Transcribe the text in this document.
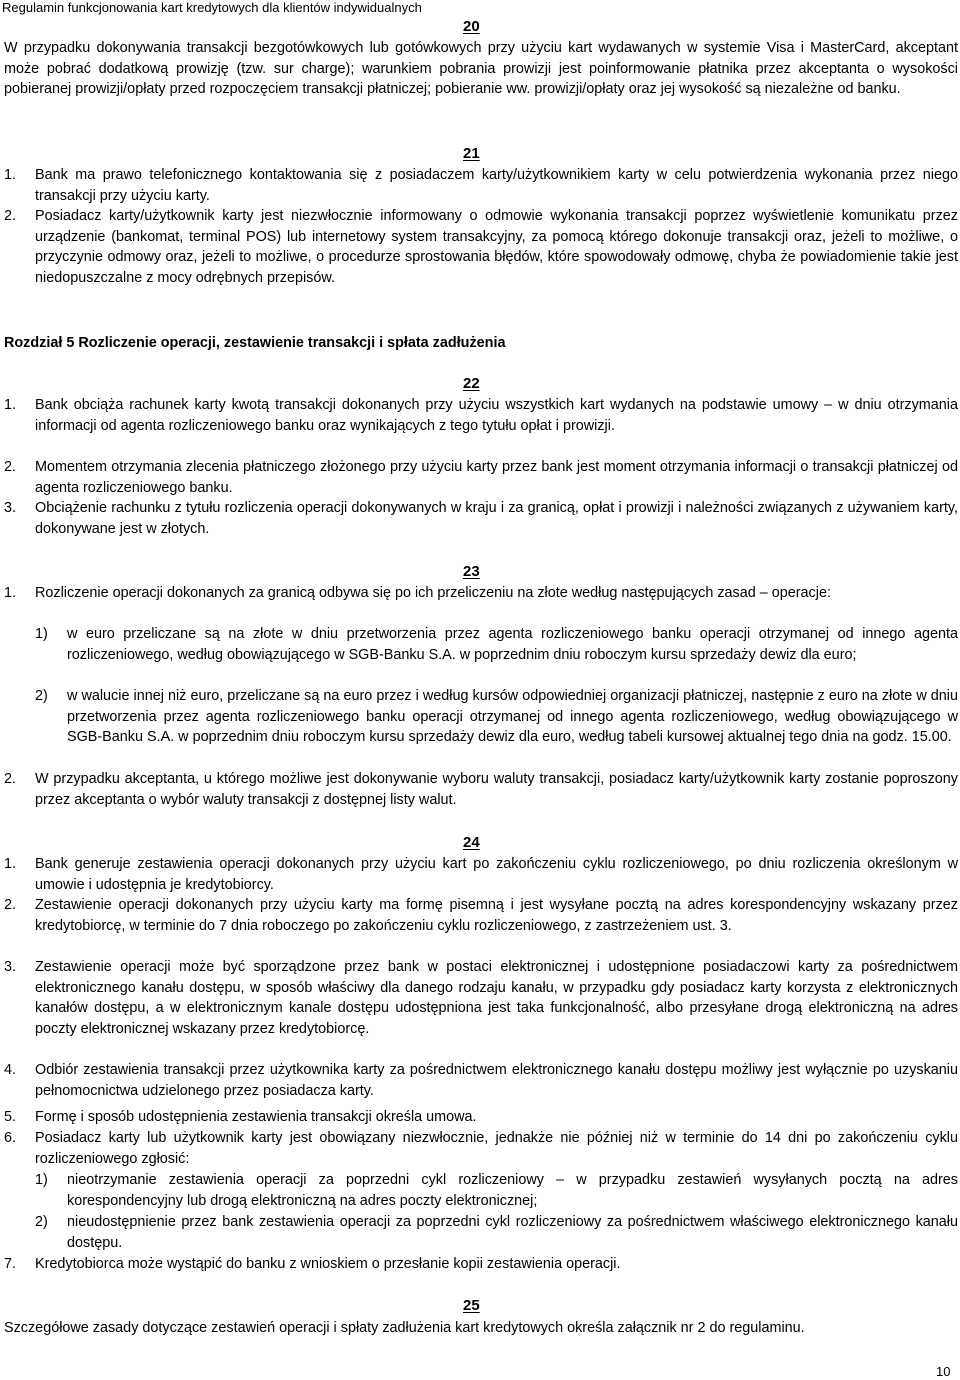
Regulamin funkcjonowania kart kredytowych dla klientów indywidualnych
20
W przypadku dokonywania transakcji bezgotówkowych lub gotówkowych przy użyciu kart wydawanych w systemie Visa i MasterCard, akceptant może pobrać dodatkową prowizję (tzw. sur charge); warunkiem pobrania prowizji jest poinformowanie płatnika przez akceptanta o wysokości pobieranej prowizji/opłaty przed rozpoczęciem transakcji płatniczej; pobieranie ww. prowizji/opłaty oraz jej wysokość są niezależne od banku.
21
1. Bank ma prawo telefonicznego kontaktowania się z posiadaczem karty/użytkownikiem karty w celu potwierdzenia wykonania przez niego transakcji przy użyciu karty.
2. Posiadacz karty/użytkownik karty jest niezwłocznie informowany o odmowie wykonania transakcji poprzez wyświetlenie komunikatu przez urządzenie (bankomat, terminal POS) lub internetowy system transakcyjny, za pomocą którego dokonuje transakcji oraz, jeżeli to możliwe, o przyczynie odmowy oraz, jeżeli to możliwe, o procedurze sprostowania błędów, które spowodowały odmowę, chyba że powiadomienie takie jest niedopuszczalne z mocy odrębnych przepisów.
Rozdział 5 Rozliczenie operacji, zestawienie transakcji i spłata zadłużenia
22
1. Bank obciąża rachunek karty kwotą transakcji dokonanych przy użyciu wszystkich kart wydanych na podstawie umowy – w dniu otrzymania informacji od agenta rozliczeniowego banku oraz wynikających z tego tytułu opłat i prowizji.
2. Momentem otrzymania zlecenia płatniczego złożonego przy użyciu karty przez bank jest moment otrzymania informacji o transakcji płatniczej od agenta rozliczeniowego banku.
3. Obciążenie rachunku z tytułu rozliczenia operacji dokonywanych w kraju i za granicą, opłat i prowizji i należności związanych z używaniem karty, dokonywane jest w złotych.
23
1. Rozliczenie operacji dokonanych za granicą odbywa się po ich przeliczeniu na złote według następujących zasad – operacje:
1) w euro przeliczane są na złote w dniu przetworzenia przez agenta rozliczeniowego banku operacji otrzymanej od innego agenta rozliczeniowego, według obowiązującego w SGB-Banku S.A. w poprzednim dniu roboczym kursu sprzedaży dewiz dla euro;
2) w walucie innej niż euro, przeliczane są na euro przez i według kursów odpowiedniej organizacji płatniczej, następnie z euro na złote w dniu przetworzenia przez agenta rozliczeniowego banku operacji otrzymanej od innego agenta rozliczeniowego, według obowiązującego w SGB-Banku S.A. w poprzednim dniu roboczym kursu sprzedaży dewiz dla euro, według tabeli kursowej aktualnej tego dnia na godz. 15.00.
2. W przypadku akceptanta, u którego możliwe jest dokonywanie wyboru waluty transakcji, posiadacz karty/użytkownik karty zostanie poproszony przez akceptanta o wybór waluty transakcji z dostępnej listy walut.
24
1. Bank generuje zestawienia operacji dokonanych przy użyciu kart po zakończeniu cyklu rozliczeniowego, po dniu rozliczenia określonym w umowie i udostępnia je kredytobiorcy.
2. Zestawienie operacji dokonanych przy użyciu karty ma formę pisemną i jest wysyłane pocztą na adres korespondencyjny wskazany przez kredytobiorcę, w terminie do 7 dnia roboczego po zakończeniu cyklu rozliczeniowego, z zastrzeżeniem ust. 3.
3. Zestawienie operacji może być sporządzone przez bank w postaci elektronicznej i udostępnione posiadaczowi karty za pośrednictwem elektronicznego kanału dostępu, w sposób właściwy dla danego rodzaju kanału, w przypadku gdy posiadacz karty korzysta z elektronicznych kanałów dostępu, a w elektronicznym kanale dostępu udostępniona jest taka funkcjonalność, albo przesyłane drogą elektroniczną na adres poczty elektronicznej wskazany przez kredytobiorcę.
4. Odbiór zestawienia transakcji przez użytkownika karty za pośrednictwem elektronicznego kanału dostępu możliwy jest wyłącznie po uzyskaniu pełnomocnictwa udzielonego przez posiadacza karty.
5. Formę i sposób udostępnienia zestawienia transakcji określa umowa.
6. Posiadacz karty lub użytkownik karty jest obowiązany niezwłocznie, jednakże nie później niż w terminie do 14 dni po zakończeniu cyklu rozliczeniowego zgłosić:
1) nieotrzymanie zestawienia operacji za poprzedni cykl rozliczeniowy – w przypadku zestawień wysyłanych pocztą na adres korespondencyjny lub drogą elektroniczną na adres poczty elektronicznej;
2) nieudostępnienie przez bank zestawienia operacji za poprzedni cykl rozliczeniowy za pośrednictwem właściwego elektronicznego kanału dostępu.
7. Kredytobiorca może wystąpić do banku z wnioskiem o przesłanie kopii zestawienia operacji.
25
Szczegółowe zasady dotyczące zestawień operacji i spłaty zadłużenia kart kredytowych określa załącznik nr 2 do regulaminu.
10
